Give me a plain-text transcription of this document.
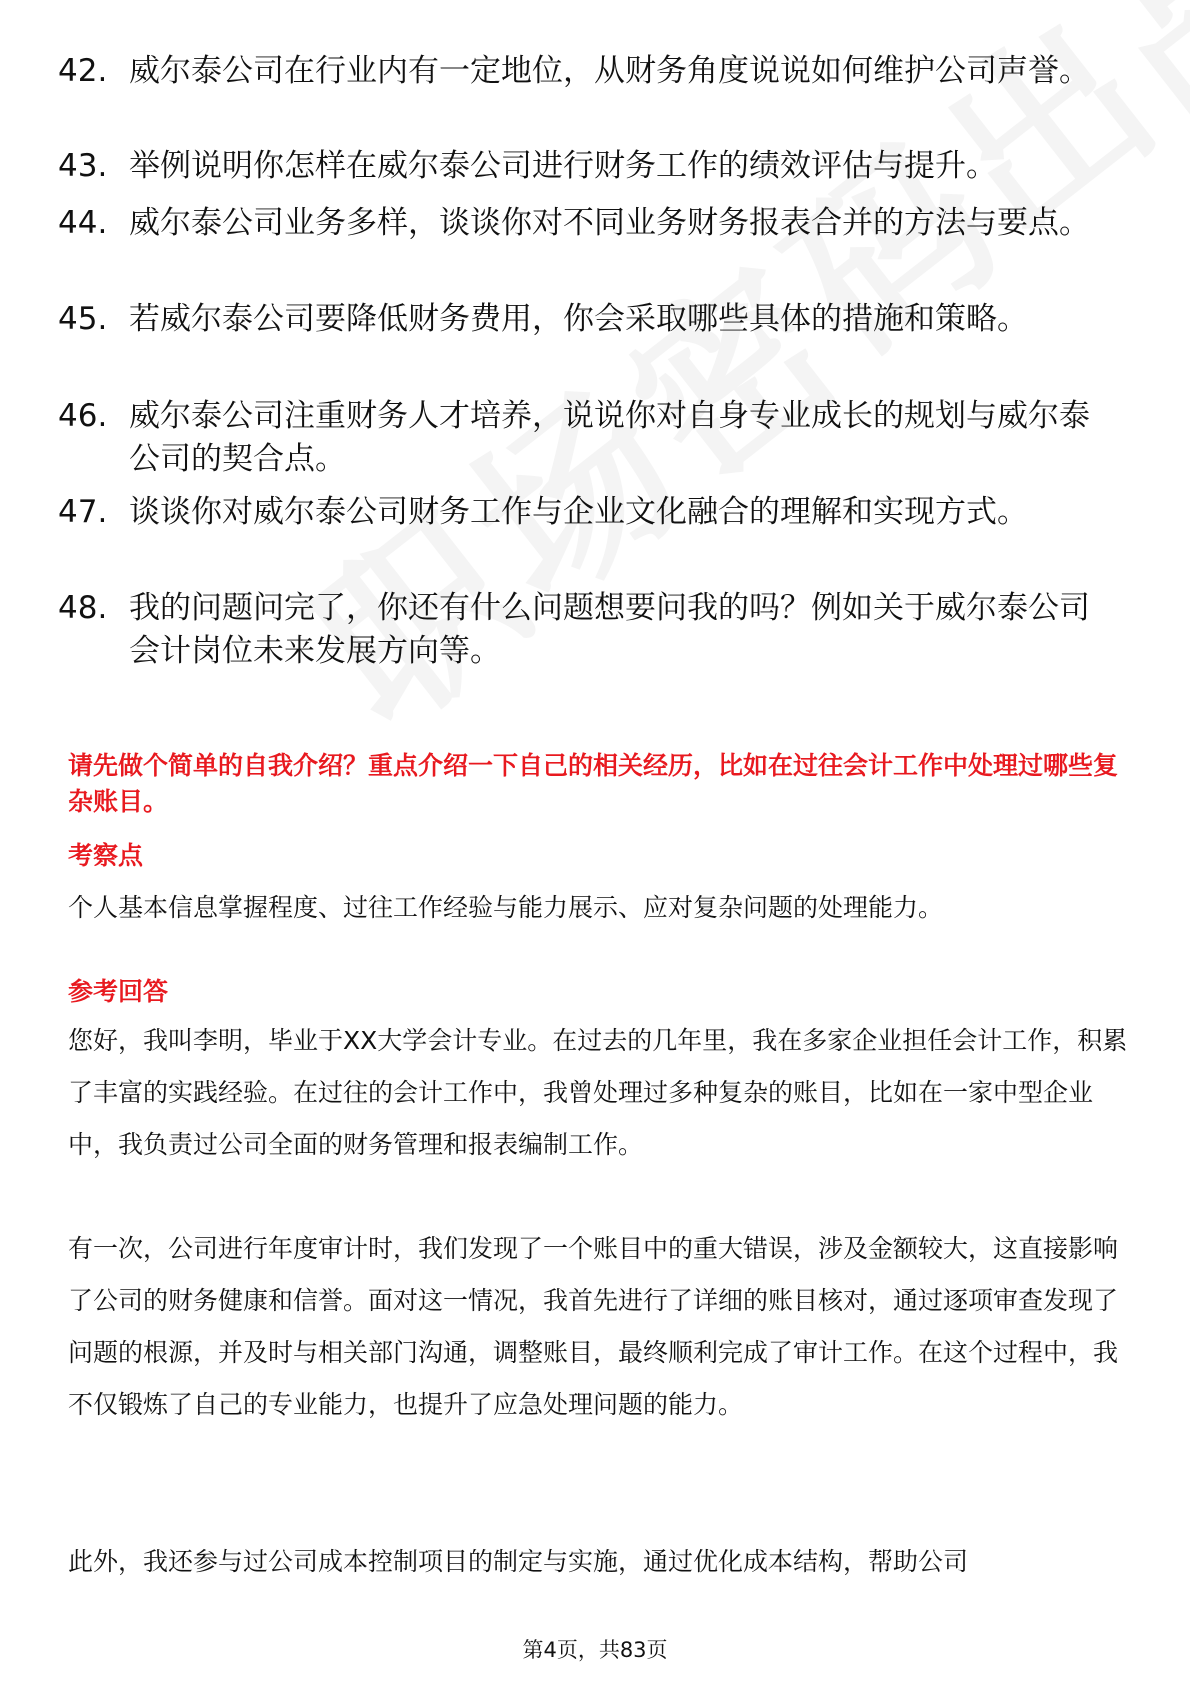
42. 威尔泰公司在行业内有一定地位，从财务角度说说如何维护公司声誉。
43. 举例说明你怎样在威尔泰公司进行财务工作的绩效评估与提升。
44. 威尔泰公司业务多样，谈谈你对不同业务财务报表合并的方法与要点。
45. 若威尔泰公司要降低财务费用，你会采取哪些具体的措施和策略。
46. 威尔泰公司注重财务人才培养，说说你对自身专业成长的规划与威尔泰公司的契合点。
47. 谈谈你对威尔泰公司财务工作与企业文化融合的理解和实现方式。
48. 我的问题问完了，你还有什么问题想要问我的吗？例如关于威尔泰公司会计岗位未来发展方向等。
请先做个简单的自我介绍？重点介绍一下自己的相关经历，比如在过往会计工作中处理过哪些复杂账目。
考察点
个人基本信息掌握程度、过往工作经验与能力展示、应对复杂问题的处理能力。
参考回答
您好，我叫李明，毕业于XX大学会计专业。在过去的几年里，我在多家企业担任会计工作，积累了丰富的实践经验。在过往的会计工作中，我曾处理过多种复杂的账目，比如在一家中型企业中，我负责过公司全面的财务管理和报表编制工作。
有一次，公司进行年度审计时，我们发现了一个账目中的重大错误，涉及金额较大，这直接影响了公司的财务健康和信誉。面对这一情况，我首先进行了详细的账目核对，通过逐项审查发现了问题的根源，并及时与相关部门沟通，调整账目，最终顺利完成了审计工作。在这个过程中，我不仅锻炼了自己的专业能力，也提升了应急处理问题的能力。
此外，我还参与过公司成本控制项目的制定与实施，通过优化成本结构，帮助公司
第4页，共83页
